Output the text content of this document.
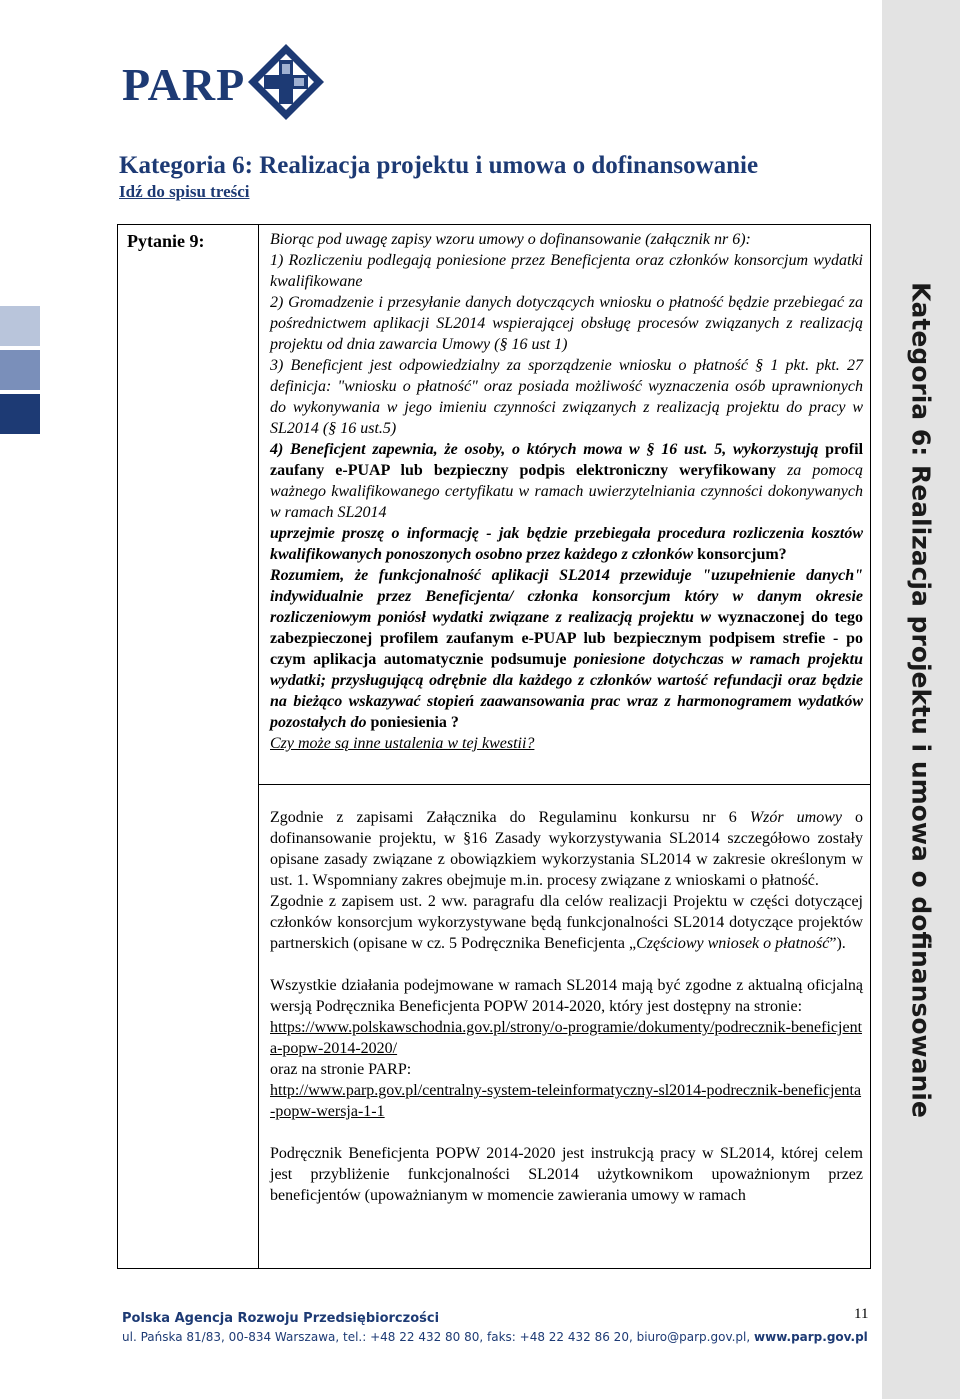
Kategoria 6: Realizacja projektu i umowa o dofinansowanie
PARP
Kategoria 6: Realizacja projektu i umowa o dofinansowanie
Idź do spisu treści
Pytanie 9:	Biorąc pod uwagę zapisy wzoru umowy o dofinansowanie (załącznik nr 6):

1) Rozliczeniu podlegają poniesione przez Beneficjenta oraz członków konsorcjum wydatki kwalifikowane

2) Gromadzenie i przesyłanie danych dotyczących wniosku o płatność będzie przebiegać za pośrednictwem aplikacji SL2014 wspierającej obsługę procesów związanych z realizacją projektu od dnia zawarcia Umowy (§ 16 ust 1)

3) Beneficjent jest odpowiedzialny za sporządzenie wniosku o płatność § 1 pkt. pkt. 27 definicja: "wniosku o płatność" oraz posiada możliwość wyznaczenia osób uprawnionych do wykonywania w jego imieniu czynności związanych z realizacją projektu do pracy w SL2014 (§ 16 ust.5)

4) Beneficjent zapewnia, że osoby, o których mowa w § 16 ust. 5, wykorzystują profil zaufany e-PUAP lub bezpieczny podpis elektroniczny weryfikowany za pomocą ważnego kwalifikowanego certyfikatu w ramach uwierzytelniania czynności dokonywanych w ramach SL2014

uprzejmie proszę o informację - jak będzie przebiegała procedura rozliczenia kosztów kwalifikowanych ponoszonych osobno przez każdego z członków konsorcjum?

Rozumiem, że funkcjonalność aplikacji SL2014 przewiduje "uzupełnienie danych" indywidualnie przez Beneficjenta/ członka konsorcjum który w danym okresie rozliczeniowym poniósł wydatki związane z realizacją projektu w wyznaczonej do tego zabezpieczonej profilem zaufanym e-PUAP lub bezpiecznym podpisem strefie - po czym aplikacja automatycznie podsumuje poniesione dotychczas w ramach projektu wydatki; przysługującą odrębnie dla każdego z członków wartość refundacji oraz będzie na bieżąco wskazywać stopień zaawansowania prac wraz z harmonogramem wydatków pozostałych do poniesienia ?

Czy może są inne ustalenia w tej kwestii?

Zgodnie z zapisami Załącznika do Regulaminu konkursu nr 6 Wzór umowy o dofinansowanie projektu, w §16 Zasady wykorzystywania SL2014 szczegółowo zostały opisane zasady związane z obowiązkiem wykorzystania SL2014 w zakresie określonym w ust. 1. Wspomniany zakres obejmuje m.in. procesy związane z wnioskami o płatność.

Zgodnie z zapisem ust. 2 ww. paragrafu dla celów realizacji Projektu w części dotyczącej członków konsorcjum wykorzystywane będą funkcjonalności SL2014 dotyczące projektów partnerskich (opisane w cz. 5 Podręcznika Beneficjenta „Częściowy wniosek o płatność”).

Wszystkie działania podejmowane w ramach SL2014 mają być zgodne z aktualną oficjalną wersją Podręcznika Beneficjenta POPW 2014-2020, który jest dostępny na stronie:

https://www.polskawschodnia.gov.pl/strony/o-programie/dokumenty/podrecznik-beneficjenta-popw-2014-2020/

oraz na stronie PARP:

http://www.parp.gov.pl/centralny-system-teleinformatyczny-sl2014-podrecznik-beneficjenta-popw-wersja-1-1

Podręcznik Beneficjenta POPW 2014-2020 jest instrukcją pracy w SL2014, której celem jest przybliżenie funkcjonalności SL2014 użytkownikom upoważnionym przez beneficjentów (upoważnianym w momencie zawierania umowy w ramach

Polska Agencja Rozwoju Przedsiębiorczości
ul. Pańska 81/83, 00-834 Warszawa, tel.: +48 22 432 80 80, faks: +48 22 432 86 20, biuro@parp.gov.pl, www.parp.gov.pl
11
